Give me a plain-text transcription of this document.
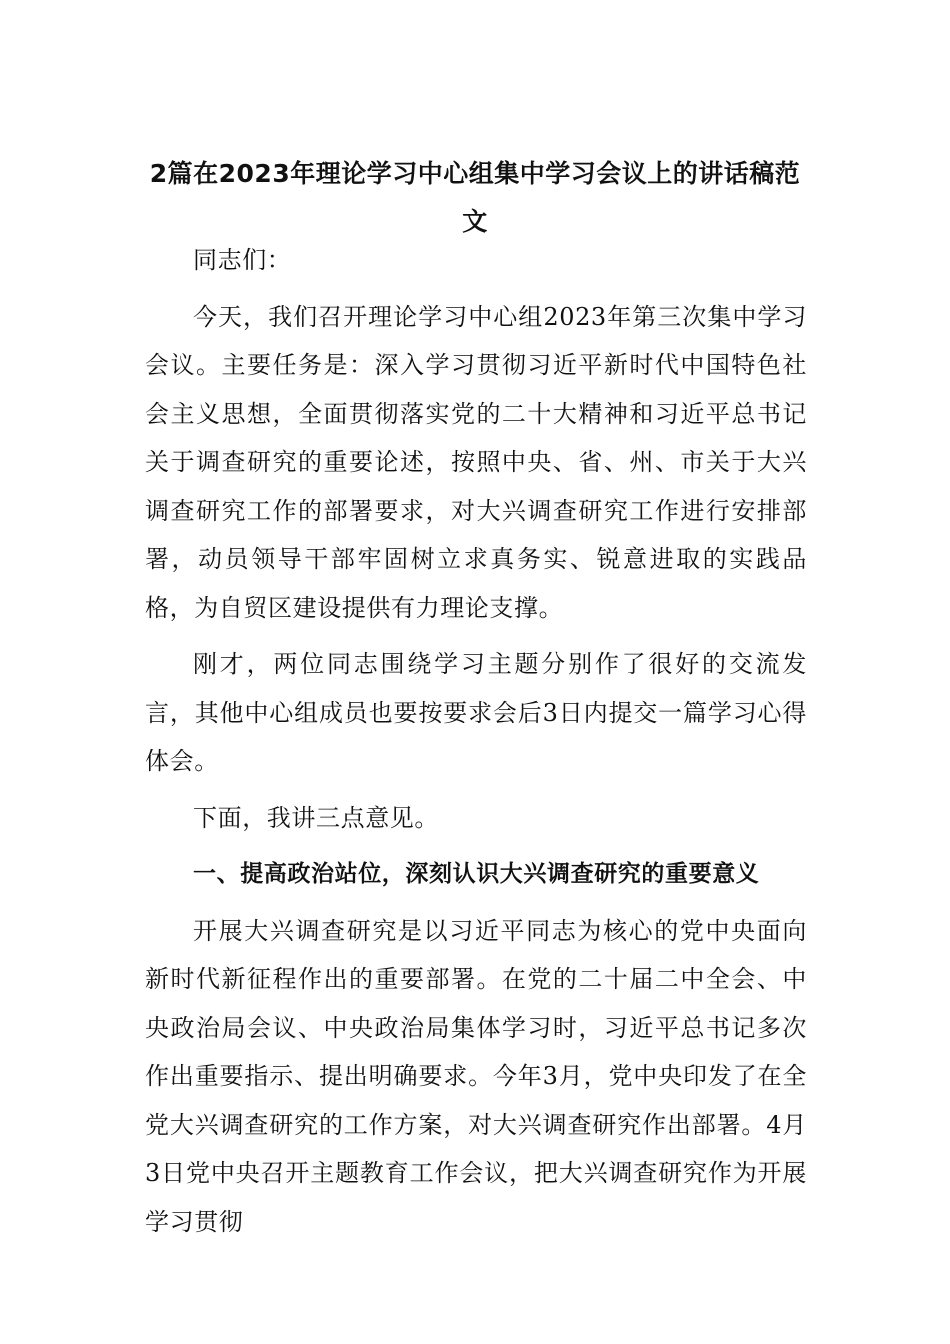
2篇在2023年理论学习中心组集中学习会议上的讲话稿范文

同志们：

今天，我们召开理论学习中心组2023年第三次集中学习会议。主要任务是：深入学习贯彻习近平新时代中国特色社会主义思想，全面贯彻落实党的二十大精神和习近平总书记关于调查研究的重要论述，按照中央、省、州、市关于大兴调查研究工作的部署要求，对大兴调查研究工作进行安排部署，动员领导干部牢固树立求真务实、锐意进取的实践品格，为自贸区建设提供有力理论支撑。

刚才，两位同志围绕学习主题分别作了很好的交流发言，其他中心组成员也要按要求会后3日内提交一篇学习心得体会。

下面，我讲三点意见。

一、提高政治站位，深刻认识大兴调查研究的重要意义

开展大兴调查研究是以习近平同志为核心的党中央面向新时代新征程作出的重要部署。在党的二十届二中全会、中央政治局会议、中央政治局集体学习时，习近平总书记多次作出重要指示、提出明确要求。今年3月，党中央印发了在全党大兴调查研究的工作方案，对大兴调查研究作出部署。4月3日党中央召开主题教育工作会议，把大兴调查研究作为开展学习贯彻
